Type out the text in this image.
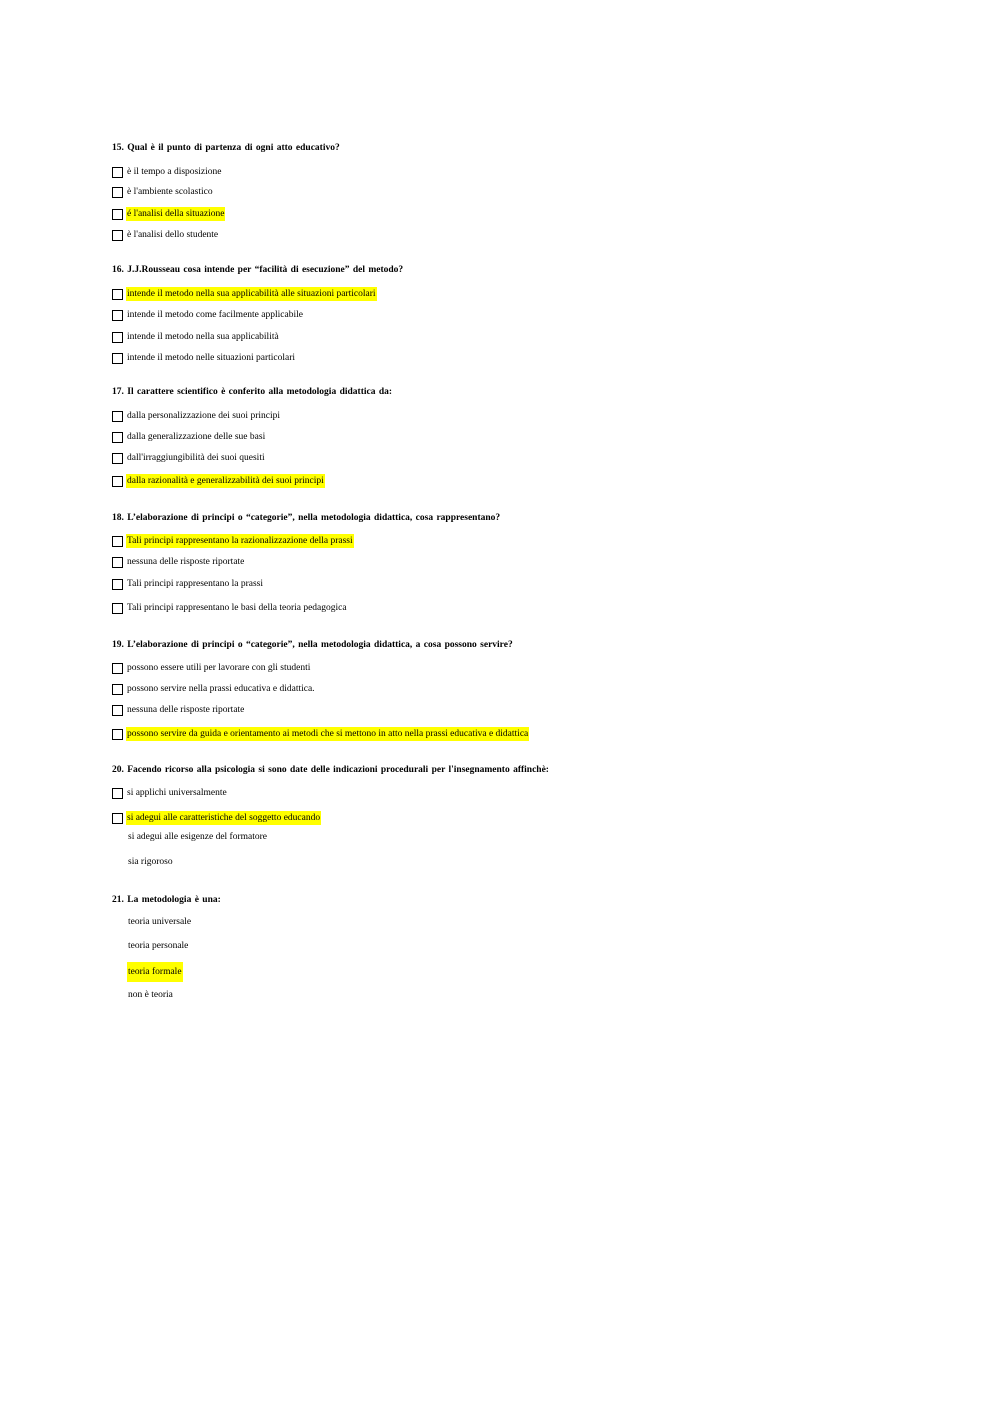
15. Qual è il punto di partenza di ogni atto educativo?
è il tempo a disposizione
è l'ambiente scolastico
é l'analisi della situazione
è l'analisi dello studente
16. J.J.Rousseau cosa intende per “facilità di esecuzione” del metodo?
intende il metodo nella sua applicabilità alle situazioni particolari
intende il metodo come facilmente applicabile
intende il metodo nella sua applicabilità
intende il metodo nelle situazioni particolari
17. Il carattere scientifico è conferito alla metodologia didattica da:
dalla personalizzazione dei suoi principi
dalla generalizzazione delle sue basi
dall'irraggiungibilità dei suoi quesiti
dalla razionalità e generalizzabilità dei suoi principi
18. L’elaborazione di principi o “categorie”, nella metodologia didattica, cosa rappresentano?
Tali principi rappresentano la razionalizzazione della prassi
nessuna delle risposte riportate
Tali principi rappresentano la prassi
Tali principi rappresentano le basi della teoria pedagogica
19. L’elaborazione di principi o “categorie”, nella metodologia didattica, a cosa possono servire?
possono essere utili per lavorare con gli studenti
possono servire nella prassi educativa e didattica.
nessuna delle risposte riportate
possono servire da guida e orientamento ai metodi che si mettono in atto nella prassi educativa e didattica
20. Facendo ricorso alla psicologia si sono date delle indicazioni procedurali per l'insegnamento affinchè:
si applichi universalmente
si adegui alle caratteristiche del soggetto educando
si adegui alle esigenze del formatore
sia rigoroso
21. La metodologia è una:
teoria universale
teoria personale
teoria formale
non è teoria
